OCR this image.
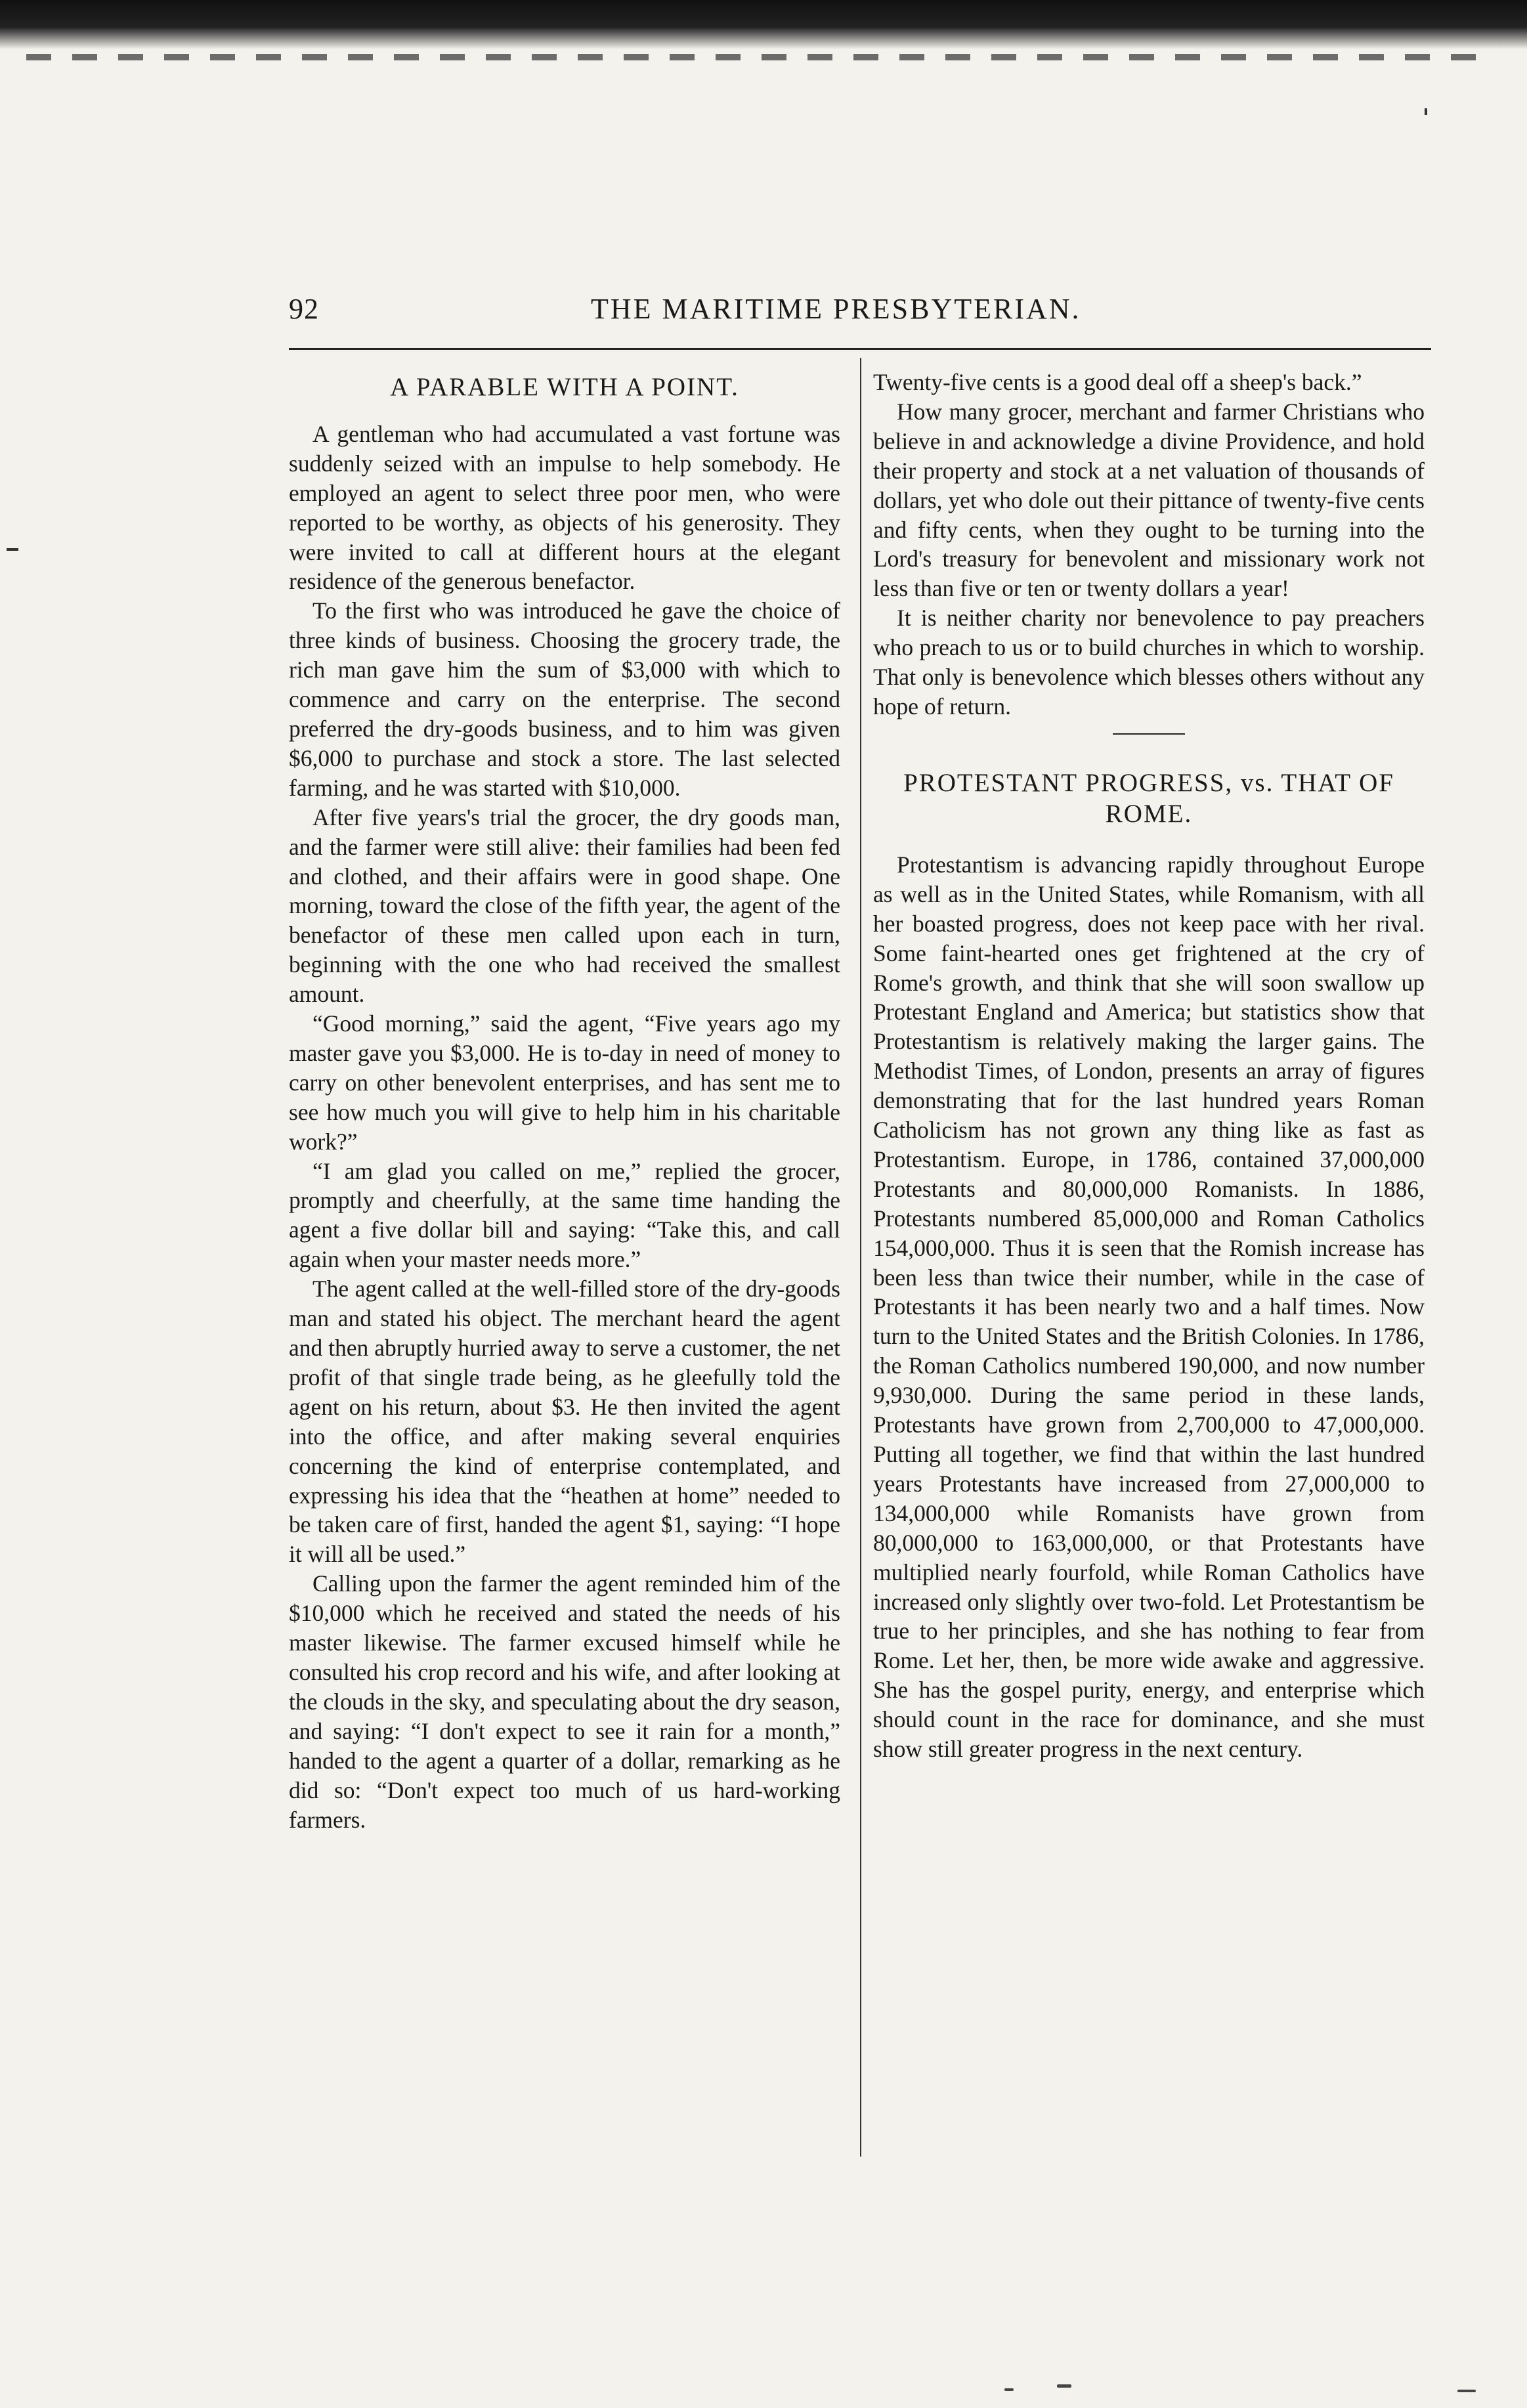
92	THE MARITIME PRESBYTERIAN.
A PARABLE WITH A POINT.

A gentleman who had accumulated a vast fortune was suddenly seized with an impulse to help somebody. He employed an agent to select three poor men, who were reported to be worthy, as objects of his generosity. They were invited to call at different hours at the elegant residence of the generous benefactor.

To the first who was introduced he gave the choice of three kinds of business. Choosing the grocery trade, the rich man gave him the sum of $3,000 with which to commence and carry on the enterprise. The second preferred the dry-goods business, and to him was given $6,000 to purchase and stock a store. The last selected farming, and he was started with $10,000.

After five years's trial the grocer, the dry goods man, and the farmer were still alive: their families had been fed and clothed, and their affairs were in good shape. One morning, toward the close of the fifth year, the agent of the benefactor of these men called upon each in turn, beginning with the one who had received the smallest amount.

“Good morning,” said the agent, “Five years ago my master gave you $3,000. He is to-day in need of money to carry on other benevolent enterprises, and has sent me to see how much you will give to help him in his charitable work?”

“I am glad you called on me,” replied the grocer, promptly and cheerfully, at the same time handing the agent a five dollar bill and saying: “Take this, and call again when your master needs more.”

The agent called at the well-filled store of the dry-goods man and stated his object. The merchant heard the agent and then abruptly hurried away to serve a customer, the net profit of that single trade being, as he gleefully told the agent on his return, about $3. He then invited the agent into the office, and after making several enquiries concerning the kind of enterprise contemplated, and expressing his idea that the “heathen at home” needed to be taken care of first, handed the agent $1, saying: “I hope it will all be used.”

Calling upon the farmer the agent reminded him of the $10,000 which he received and stated the needs of his master likewise. The farmer excused himself while he consulted his crop record and his wife, and after looking at the clouds in the sky, and speculating about the dry season, and saying: “I don't expect to see it rain for a month,” handed to the agent a quarter of a dollar, remarking as he did so: “Don't expect too much of us hard-working farmers.

Twenty-five cents is a good deal off a sheep's back.”

How many grocer, merchant and farmer Christians who believe in and acknowledge a divine Providence, and hold their property and stock at a net valuation of thousands of dollars, yet who dole out their pittance of twenty-five cents and fifty cents, when they ought to be turning into the Lord's treasury for benevolent and missionary work not less than five or ten or twenty dollars a year!

It is neither charity nor benevolence to pay preachers who preach to us or to build churches in which to worship. That only is benevolence which blesses others without any hope of return.

PROTESTANT PROGRESS, vs. THAT OF ROME.

Protestantism is advancing rapidly throughout Europe as well as in the United States, while Romanism, with all her boasted progress, does not keep pace with her rival. Some faint-hearted ones get frightened at the cry of Rome's growth, and think that she will soon swallow up Protestant England and America; but statistics show that Protestantism is relatively making the larger gains. The Methodist Times, of London, presents an array of figures demonstrating that for the last hundred years Roman Catholicism has not grown any thing like as fast as Protestantism. Europe, in 1786, contained 37,000,000 Protestants and 80,000,000 Romanists. In 1886, Protestants numbered 85,000,000 and Roman Catholics 154,000,000. Thus it is seen that the Romish increase has been less than twice their number, while in the case of Protestants it has been nearly two and a half times. Now turn to the United States and the British Colonies. In 1786, the Roman Catholics numbered 190,000, and now number 9,930,000. During the same period in these lands, Protestants have grown from 2,700,000 to 47,000,000. Putting all together, we find that within the last hundred years Protestants have increased from 27,000,000 to 134,000,000 while Romanists have grown from 80,000,000 to 163,000,000, or that Protestants have multiplied nearly fourfold, while Roman Catholics have increased only slightly over two-fold. Let Protestantism be true to her principles, and she has nothing to fear from Rome. Let her, then, be more wide awake and aggressive. She has the gospel purity, energy, and enterprise which should count in the race for dominance, and she must show still greater progress in the next century.
